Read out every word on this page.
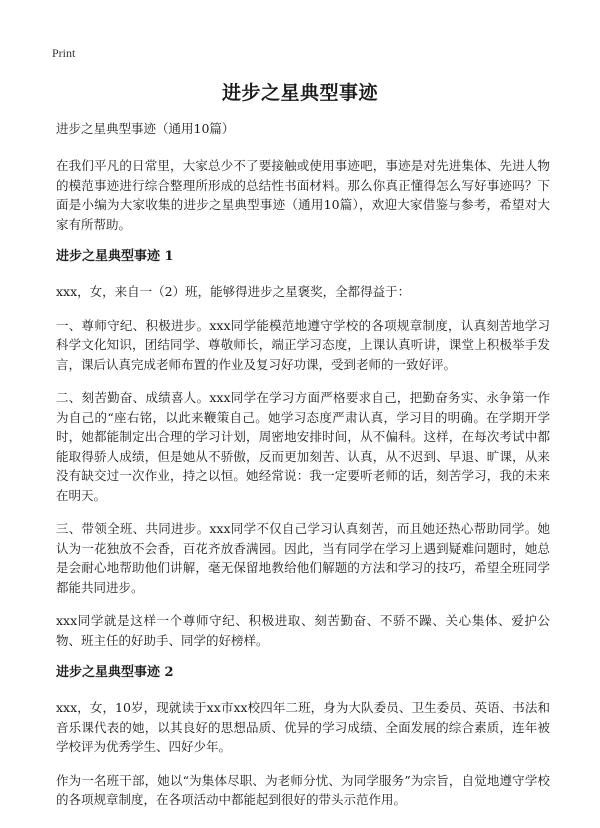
Print
进步之星典型事迹
进步之星典型事迹（通用10篇）

在我们平凡的日常里，大家总少不了要接触或使用事迹吧，事迹是对先进集体、先进人物的模范事迹进行综合整理所形成的总结性书面材料。那么你真正懂得怎么写好事迹吗？下面是小编为大家收集的进步之星典型事迹（通用10篇），欢迎大家借鉴与参考，希望对大家有所帮助。

进步之星典型事迹 1

xxx，女，来自一（2）班，能够得进步之星褒奖，全都得益于：

一、尊师守纪、积极进步。xxx同学能模范地遵守学校的各项规章制度，认真刻苦地学习科学文化知识，团结同学、尊敬师长，端正学习态度，上课认真听讲，课堂上积极举手发言，课后认真完成老师布置的作业及复习好功课，受到老师的一致好评。

二、刻苦勤奋、成绩喜人。xxx同学在学习方面严格要求自己，把勤奋务实、永争第一作为自己的“座右铭，以此来鞭策自己。她学习态度严肃认真，学习目的明确。在学期开学时，她都能制定出合理的学习计划，周密地安排时间，从不偏科。这样，在每次考试中都能取得骄人成绩，但是她从不骄傲，反而更加刻苦、认真，从不迟到、早退、旷课，从来没有缺交过一次作业，持之以恒。她经常说：我一定要听老师的话，刻苦学习，我的未来在明天。

三、带领全班、共同进步。xxx同学不仅自己学习认真刻苦，而且她还热心帮助同学。她认为一花独放不会香，百花齐放香满园。因此，当有同学在学习上遇到疑难问题时，她总是会耐心地帮助他们讲解，毫无保留地教给他们解题的方法和学习的技巧，希望全班同学都能共同进步。

xxx同学就是这样一个尊师守纪、积极进取、刻苦勤奋、不骄不躁、关心集体、爱护公物、班主任的好助手、同学的好榜样。

进步之星典型事迹 2

xxx，女，10岁，现就读于xx市xx校四年二班，身为大队委员、卫生委员、英语、书法和音乐课代表的她，以其良好的思想品质、优异的学习成绩、全面发展的综合素质，连年被学校评为优秀学生、四好少年。

作为一名班干部，她以“为集体尽职、为老师分忧、为同学服务”为宗旨，自觉地遵守学校的各项规章制度，在各项活动中都能起到很好的带头示范作用。
